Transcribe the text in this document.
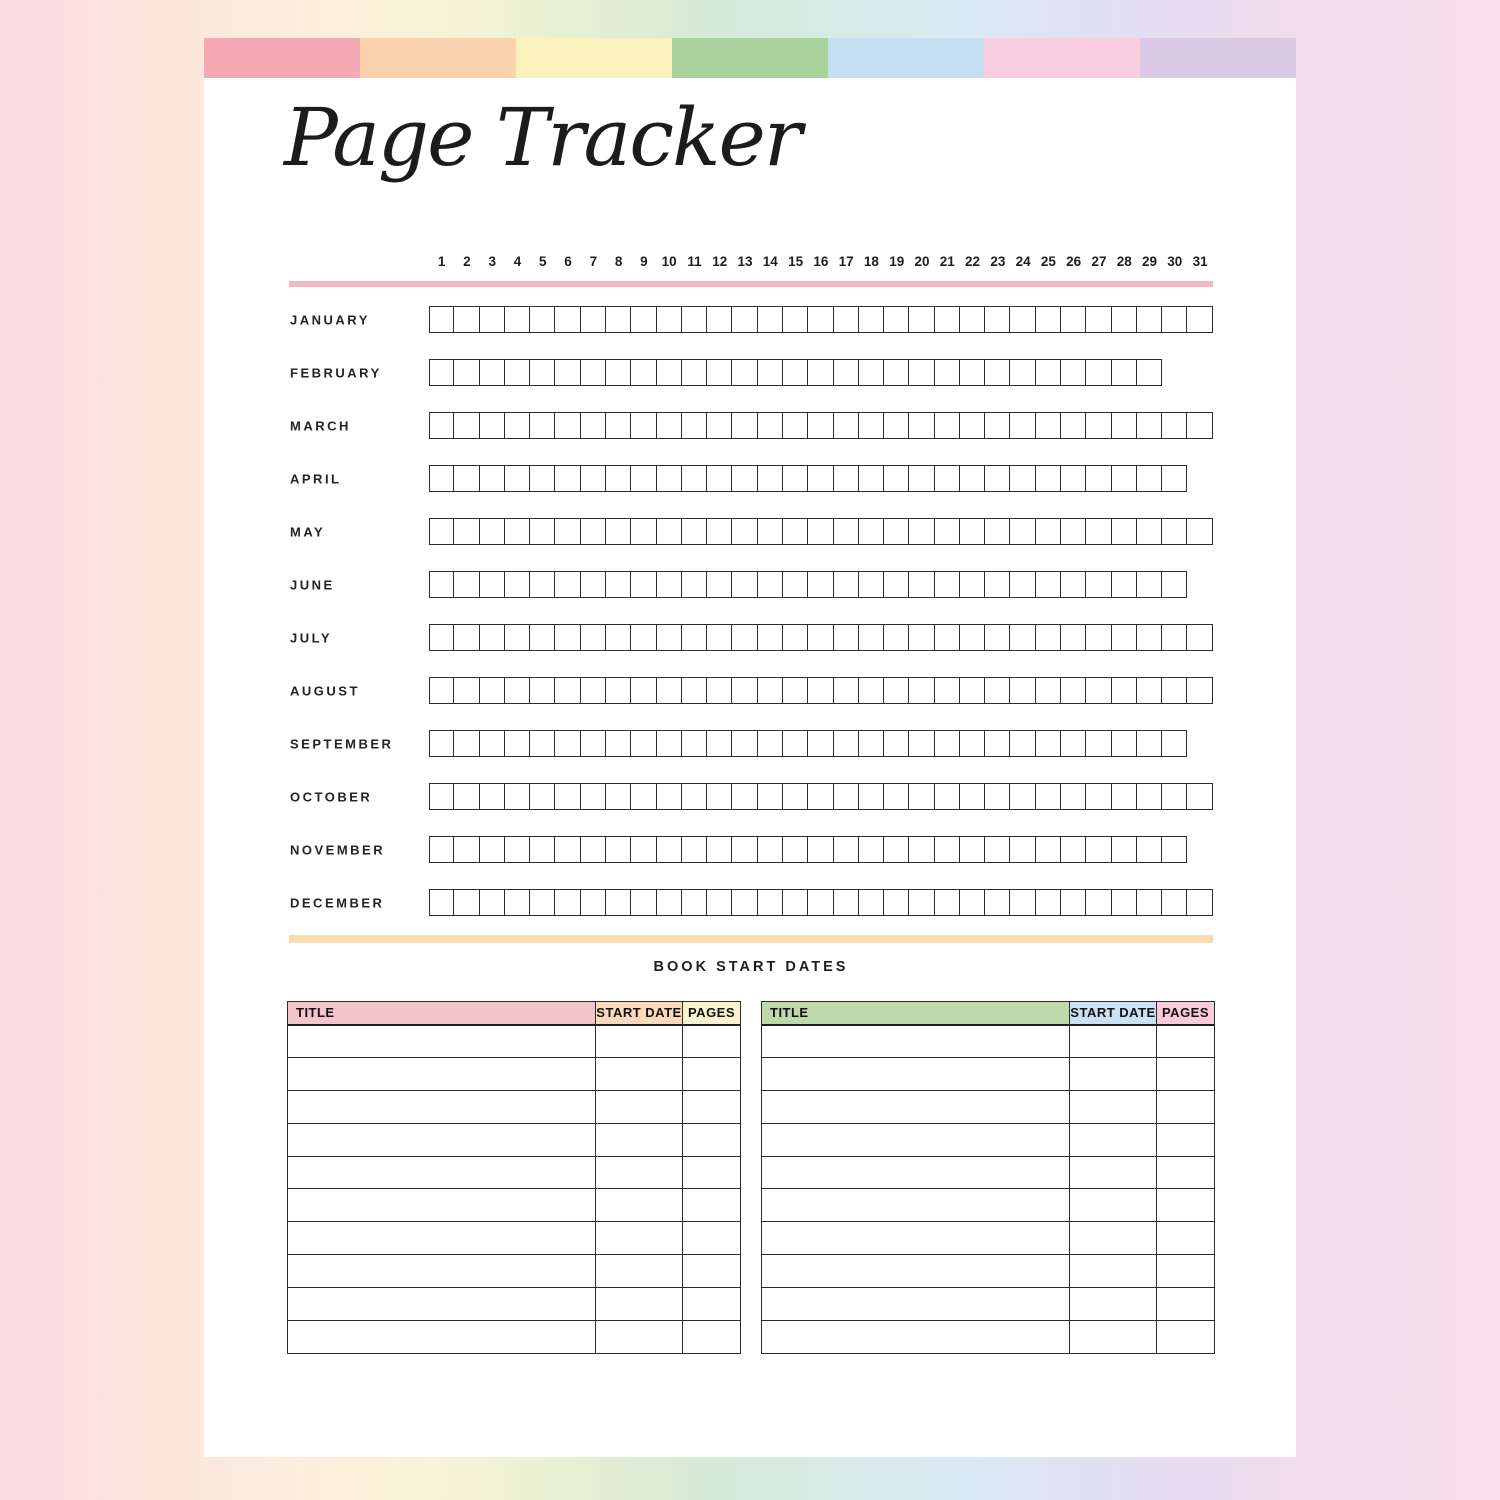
Page Tracker
1	2	3	4	5	6	7	8	9	10 11 12 13 14 15 16 17 18 19 20 21 22 23 24 25 26 27 28 29 30 31
JANUARY
FEBRUARY
MARCH
APRIL
MAY
JUNE
JULY
AUGUST
SEPTEMBER
OCTOBER
NOVEMBER
DECEMBER
BOOK START DATES
TITLE	START DATE	PAGES

			TITLE	START DATE	PAGES
